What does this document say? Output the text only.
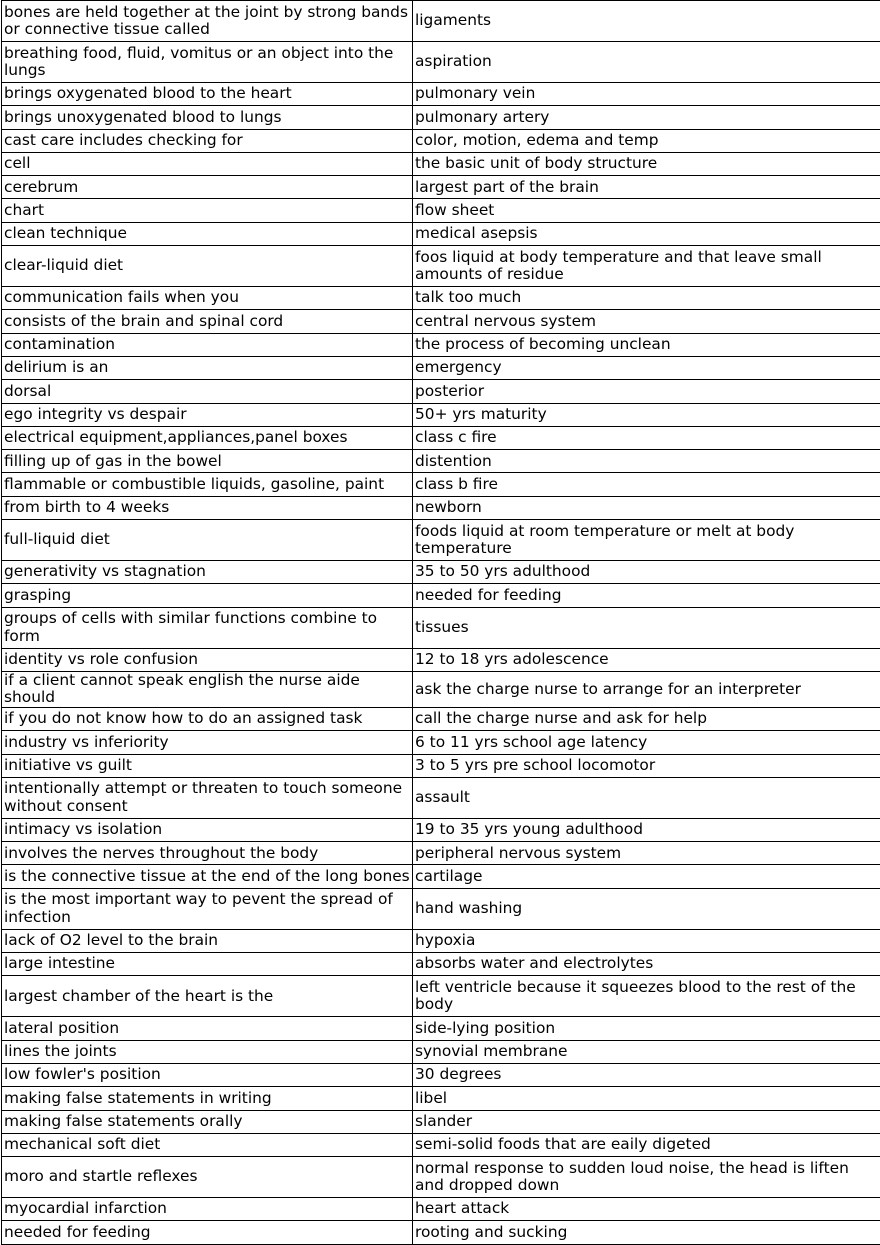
bones are held together at the joint by strong bands or connective tissue called	ligaments
breathing food, fluid, vomitus or an object into the lungs	aspiration
brings oxygenated blood to the heart	pulmonary vein
brings unoxygenated blood to lungs	pulmonary artery
cast care includes checking for	color, motion, edema and temp
cell	the basic unit of body structure
cerebrum	largest part of the brain
chart	flow sheet
clean technique	medical asepsis
clear-liquid diet	foos liquid at body temperature and that leave small amounts of residue
communication fails when you	talk too much
consists of the brain and spinal cord	central nervous system
contamination	the process of becoming unclean
delirium is an	emergency
dorsal	posterior
ego integrity vs despair	50+ yrs maturity
electrical equipment,appliances,panel boxes	class c fire
filling up of gas in the bowel	distention
flammable or combustible liquids, gasoline, paint	class b fire
from birth to 4 weeks	newborn
full-liquid diet	foods liquid at room temperature or melt at body temperature
generativity vs stagnation	35 to 50 yrs adulthood
grasping	needed for feeding
groups of cells with similar functions combine to form	tissues
identity vs role confusion	12 to 18 yrs adolescence
if a client cannot speak english the nurse aide should	ask the charge nurse to arrange for an interpreter
if you do not know how to do an assigned task	call the charge nurse and ask for help
industry vs inferiority	6 to 11 yrs school age latency
initiative vs guilt	3 to 5 yrs pre school locomotor
intentionally attempt or threaten to touch someone without consent	assault
intimacy vs isolation	19 to 35 yrs young adulthood
involves the nerves throughout the body	peripheral nervous system
is the connective tissue at the end of the long bones	cartilage
is the most important way to pevent the spread of infection	hand washing
lack of O2 level to the brain	hypoxia
large intestine	absorbs water and electrolytes
largest chamber of the heart is the	left ventricle because it squeezes blood to the rest of the body
lateral position	side-lying position
lines the joints	synovial membrane
low fowler's position	30 degrees
making false statements in writing	libel
making false statements orally	slander
mechanical soft diet	semi-solid foods that are eaily digeted
moro and startle reflexes	normal response to sudden loud noise, the head is liften and dropped down
myocardial infarction	heart attack
needed for feeding	rooting and sucking
